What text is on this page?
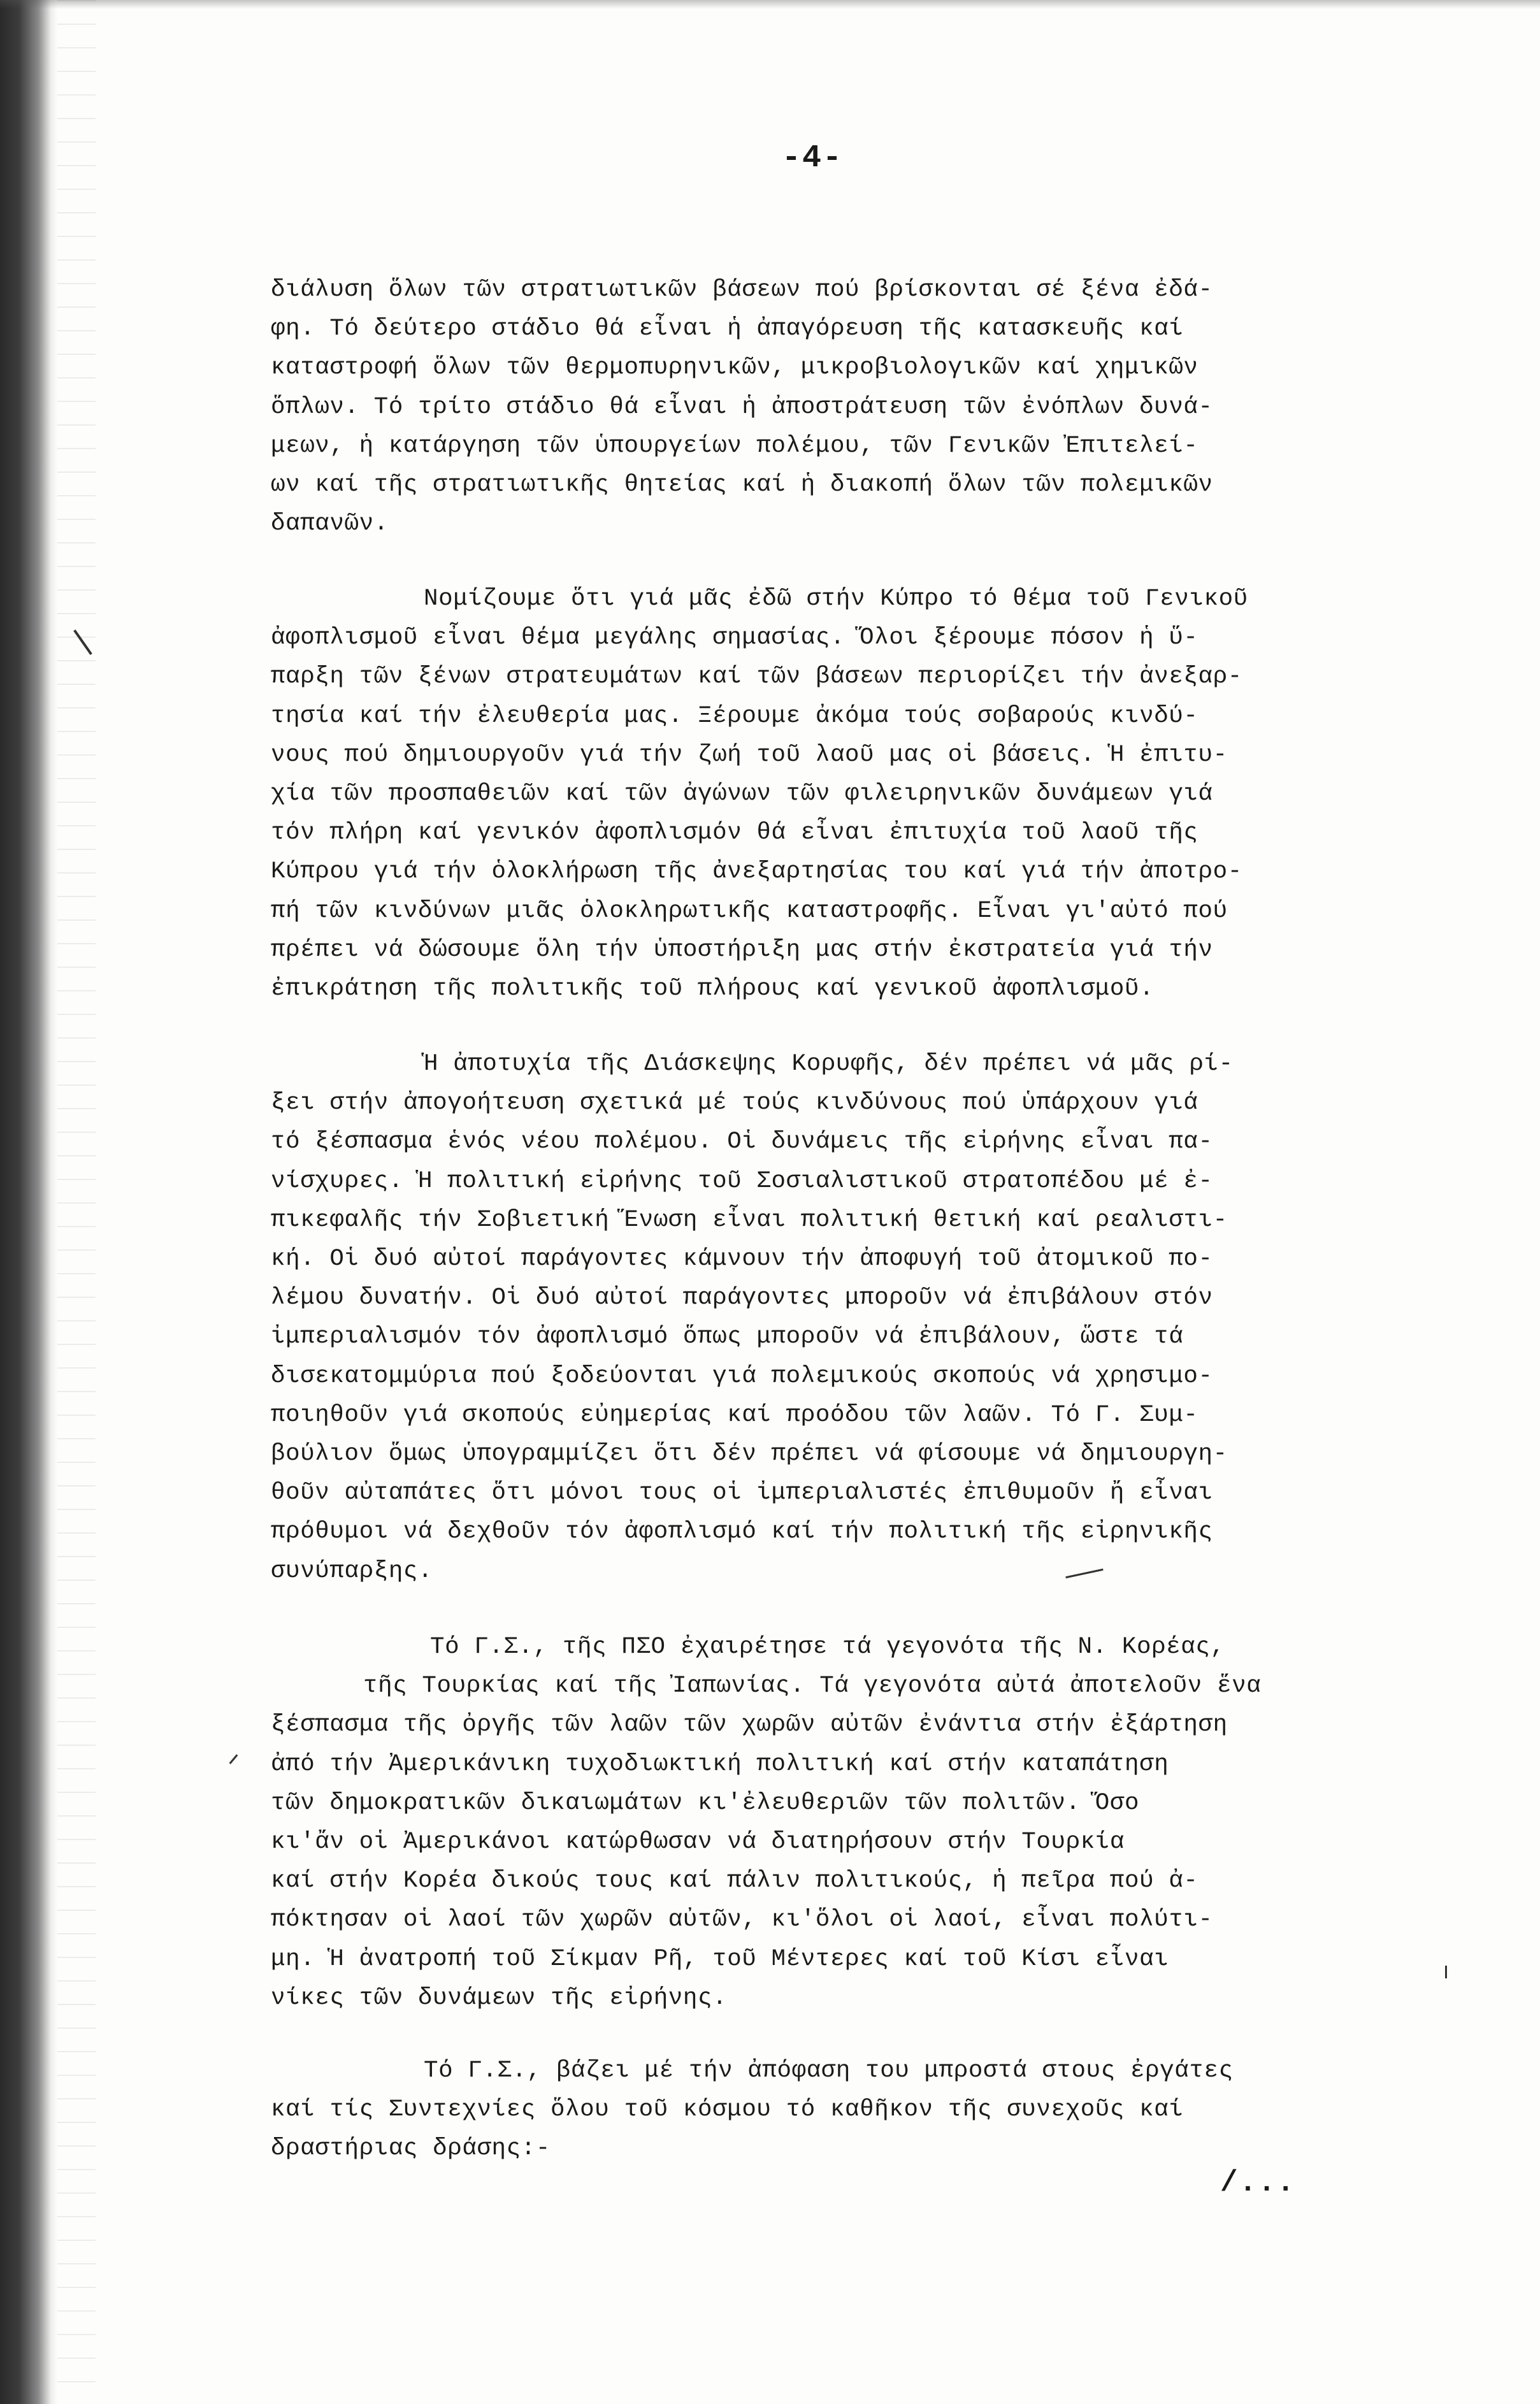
-4-
διάλυση ὅλων τῶν στρατιωτικῶν βάσεων πού βρίσκονται σέ ξένα ἐδά-
φη. Τό δεύτερο στάδιο θά εἶναι ἡ ἀπαγόρευση τῆς κατασκευῆς καί
καταστροφή ὅλων τῶν θερμοπυρηνικῶν, μικροβιολογικῶν καί χημικῶν
ὅπλων. Τό τρίτο στάδιο θά εἶναι ἡ ἀποστράτευση τῶν ἐνόπλων δυνά-
μεων, ἡ κατάργηση τῶν ὑπουργείων πολέμου, τῶν Γενικῶν Ἐπιτελεί-
ων καί τῆς στρατιωτικῆς θητείας καί ἡ διακοπή ὅλων τῶν πολεμικῶν
δαπανῶν.
Νομίζουμε ὅτι γιά μᾶς ἐδῶ στήν Κύπρο τό θέμα τοῦ Γενικοῦ
ἀφοπλισμοῦ εἶναι θέμα μεγάλης σημασίας. Ὅλοι ξέρουμε πόσον ἡ ὕ-
παρξη τῶν ξένων στρατευμάτων καί τῶν βάσεων περιορίζει τήν ἀνεξαρ-
τησία καί τήν ἐλευθερία μας. Ξέρουμε ἀκόμα τούς σοβαρούς κινδύ-
νους πού δημιουργοῦν γιά τήν ζωή τοῦ λαοῦ μας οἱ βάσεις. Ἡ ἐπιτυ-
χία τῶν προσπαθειῶν καί τῶν ἀγώνων τῶν φιλειρηνικῶν δυνάμεων γιά
τόν πλήρη καί γενικόν ἀφοπλισμόν θά εἶναι ἐπιτυχία τοῦ λαοῦ τῆς
Κύπρου γιά τήν ὁλοκλήρωση τῆς ἀνεξαρτησίας του καί γιά τήν ἀποτρο-
πή τῶν κινδύνων μιᾶς ὁλοκληρωτικῆς καταστροφῆς. Εἶναι γι'αὐτό πού
πρέπει νά δώσουμε ὅλη τήν ὑποστήριξη μας στήν ἐκστρατεία γιά τήν
ἐπικράτηση τῆς πολιτικῆς τοῦ πλήρους καί γενικοῦ ἀφοπλισμοῦ.
Ἡ ἀποτυχία τῆς Διάσκεψης Κορυφῆς, δέν πρέπει νά μᾶς ρί-
ξει στήν ἀπογοήτευση σχετικά μέ τούς κινδύνους πού ὑπάρχουν γιά
τό ξέσπασμα ἑνός νέου πολέμου. Οἱ δυνάμεις τῆς εἰρήνης εἶναι πα-
νίσχυρες. Ἡ πολιτική εἰρήνης τοῦ Σοσιαλιστικοῦ στρατοπέδου μέ ἐ-
πικεφαλῆς τήν Σοβιετική Ἕνωση εἶναι πολιτική θετική καί ρεαλιστι-
κή. Οἱ δυό αὐτοί παράγοντες κάμνουν τήν ἀποφυγή τοῦ ἀτομικοῦ πο-
λέμου δυνατήν. Οἱ δυό αὐτοί παράγοντες μποροῦν νά ἐπιβάλουν στόν
ἰμπεριαλισμόν τόν ἀφοπλισμό ὅπως μποροῦν νά ἐπιβάλουν, ὥστε τά
δισεκατομμύρια πού ξοδεύονται γιά πολεμικούς σκοπούς νά χρησιμο-
ποιηθοῦν γιά σκοπούς εὐημερίας καί προόδου τῶν λαῶν. Τό Γ. Συμ-
βούλιον ὅμως ὑπογραμμίζει ὅτι δέν πρέπει νά φίσουμε νά δημιουργη-
θοῦν αὐταπάτες ὅτι μόνοι τους οἱ ἰμπεριαλιστές ἐπιθυμοῦν ἤ εἶναι
πρόθυμοι νά δεχθοῦν τόν ἀφοπλισμό καί τήν πολιτική τῆς εἰρηνικῆς
συνύπαρξης.
Τό Γ.Σ., τῆς ΠΣΟ ἐχαιρέτησε τά γεγονότα τῆς Ν. Κορέας,
τῆς Τουρκίας καί τῆς Ἰαπωνίας. Τά γεγονότα αὐτά ἀποτελοῦν ἕνα
ξέσπασμα τῆς ὀργῆς τῶν λαῶν τῶν χωρῶν αὐτῶν ἐνάντια στήν ἐξάρτηση
ἀπό τήν Ἀμερικάνικη τυχοδιωκτική πολιτική καί στήν καταπάτηση
τῶν δημοκρατικῶν δικαιωμάτων κι'ἐλευθεριῶν τῶν πολιτῶν. Ὅσο
κι'ἄν οἱ Ἀμερικάνοι κατώρθωσαν νά διατηρήσουν στήν Τουρκία
καί στήν Κορέα δικούς τους καί πάλιν πολιτικούς, ἡ πεῖρα πού ἀ-
πόκτησαν οἱ λαοί τῶν χωρῶν αὐτῶν, κι'ὅλοι οἱ λαοί, εἶναι πολύτι-
μη. Ἡ ἀνατροπή τοῦ Σίκμαν Ρῆ, τοῦ Μέντερες καί τοῦ Κίσι εἶναι
νίκες τῶν δυνάμεων τῆς εἰρήνης.
Τό Γ.Σ., βάζει μέ τήν ἀπόφαση του μπροστά στους ἐργάτες
καί τίς Συντεχνίες ὅλου τοῦ κόσμου τό καθῆκον τῆς συνεχοῦς καί
δραστήριας δράσης:-
/...
